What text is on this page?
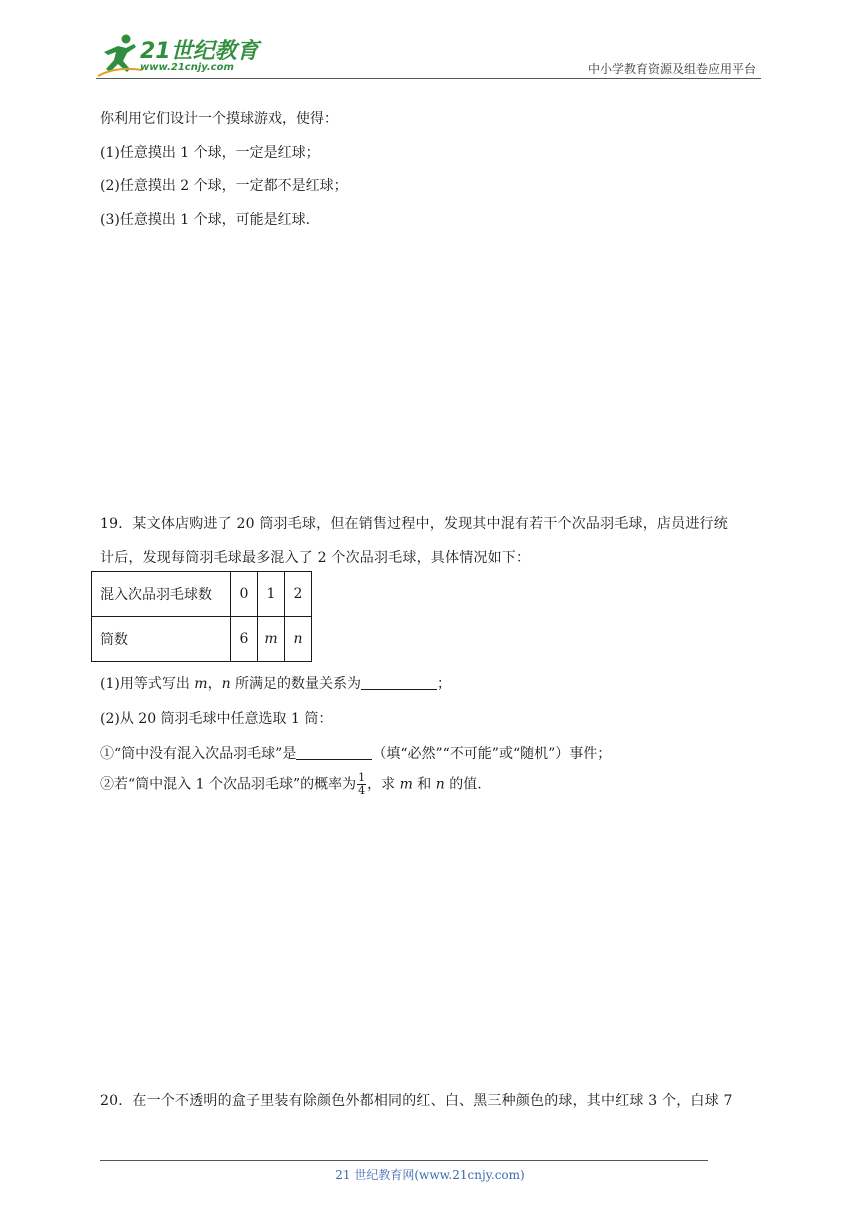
21世纪教育
www.21cnjy.com	中小学教育资源及组卷应用平台
你利用它们设计一个摸球游戏，使得：
(1)任意摸出 1 个球，一定是红球；
(2)任意摸出 2 个球，一定都不是红球；
(3)任意摸出 1 个球，可能是红球.
19．某文体店购进了 20 筒羽毛球，但在销售过程中，发现其中混有若干个次品羽毛球，店员进行统
计后，发现每筒羽毛球最多混入了 2 个次品羽毛球，具体情况如下：
混入次品羽毛球数	0	1	2
筒数	6	m	n
(1)用等式写出 m，n 所满足的数量关系为	；
(2)从 20 筒羽毛球中任意选取 1 筒：
①“筒中没有混入次品羽毛球”是	（填“必然”“不可能”或“随机”）事件；
②若“筒中混入 1 个次品羽毛球”的概率为 $\frac{1}{4}$ ，求 m 和 n 的值.
20．在一个不透明的盒子里装有除颜色外都相同的红、白、黑三种颜色的球，其中红球 3 个，白球 7
21 世纪教育网(www.21cnjy.com)
